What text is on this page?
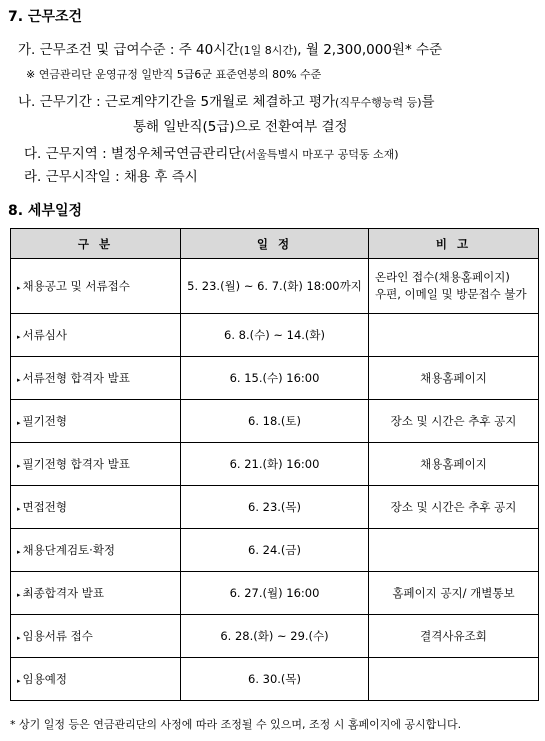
7. 근무조건
가. 근무조건 및 급여수준 : 주 40시간(1일 8시간), 월 2,300,000원* 수준
※ 연금관리단 운영규정 일반직 5급6군 표준연봉의 80% 수준
나. 근무기간 : 근로계약기간을 5개월로 체결하고 평가(직무수행능력 등)를
통해 일반직(5급)으로 전환여부 결정
다. 근무지역 : 별정우체국연금관리단(서울특별시 마포구 공덕동 소재)
라. 근무시작일 : 채용 후 즉시
8. 세부일정
구 분	일 정	비 고
▸ 채용공고 및 서류접수	5. 23.(월) ~ 6. 7.(화) 18:00까지	온라인 접수(채용홈페이지)
우편, 이메일 및 방문접수 불가

▸ 서류심사	6. 8.(수) ~ 14.(화)	
▸ 서류전형 합격자 발표	6. 15.(수) 16:00	채용홈페이지
▸ 필기전형	6. 18.(토)	장소 및 시간은 추후 공지
▸ 필기전형 합격자 발표	6. 21.(화) 16:00	채용홈페이지
▸ 면접전형	6. 23.(목)	장소 및 시간은 추후 공지
▸ 채용단계검토·확정	6. 24.(금)	
▸ 최종합격자 발표	6. 27.(월) 16:00	홈페이지 공지/ 개별통보
▸ 임용서류 접수	6. 28.(화) ~ 29.(수)	결격사유조회
▸ 임용예정	6. 30.(목)	
* 상기 일정 등은 연금관리단의 사정에 따라 조정될 수 있으며, 조정 시 홈페이지에 공시합니다.
